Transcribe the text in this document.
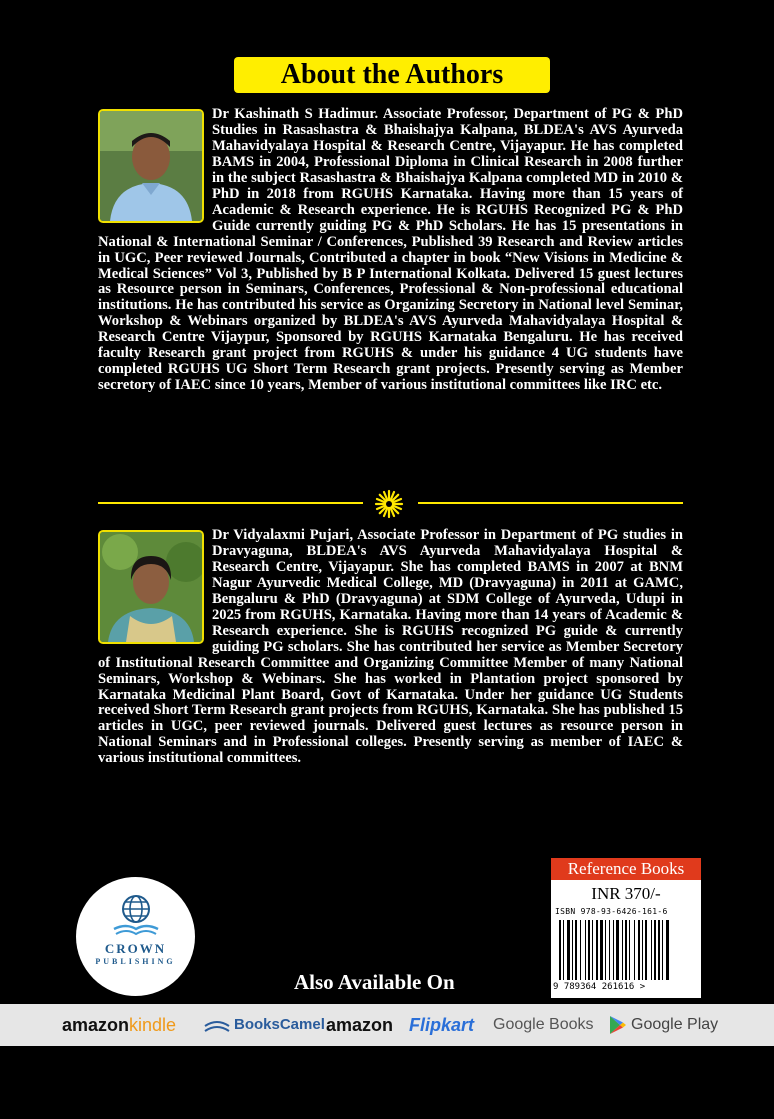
About the Authors

Dr Kashinath S Hadimur. Associate Professor, Department of PG & PhD Studies in Rasashastra & Bhaishajya Kalpana, BLDEA's AVS Ayurveda Mahavidyalaya Hospital & Research Centre, Vijayapur. He has completed BAMS in 2004, Professional Diploma in Clinical Research in 2008 further in the subject Rasashastra & Bhaishajya Kalpana completed MD in 2010 & PhD in 2018 from RGUHS Karnataka. Having more than 15 years of Academic & Research experience. He is RGUHS Recognized PG & PhD Guide currently guiding PG & PhD Scholars. He has 15 presentations in National & International Seminar / Conferences, Published 39 Research and Review articles in UGC, Peer reviewed Journals, Contributed a chapter in book “New Visions in Medicine & Medical Sciences” Vol 3, Published by B P International Kolkata. Delivered 15 guest lectures as Resource person in Seminars, Conferences, Professional & Non-professional educational institutions. He has contributed his service as Organizing Secretory in National level Seminar, Workshop & Webinars organized by BLDEA's AVS Ayurveda Mahavidyalaya Hospital & Research Centre Vijaypur, Sponsored by RGUHS Karnataka Bengaluru. He has received faculty Research grant project from RGUHS & under his guidance 4 UG students have completed RGUHS UG Short Term Research grant projects. Presently serving as Member secretory of IAEC since 10 years, Member of various institutional committees like IRC etc.

Dr Vidyalaxmi Pujari, Associate Professor in Department of PG studies in Dravyaguna, BLDEA's AVS Ayurveda Mahavidyalaya Hospital & Research Centre, Vijayapur. She has completed BAMS in 2007 at BNM Nagur Ayurvedic Medical College, MD (Dravyaguna) in 2011 at GAMC, Bengaluru & PhD (Dravyaguna) at SDM College of Ayurveda, Udupi in 2025 from RGUHS, Karnataka. Having more than 14 years of Academic & Research experience. She is RGUHS recognized PG guide & currently guiding PG scholars. She has contributed her service as Member Secretory of Institutional Research Committee and Organizing Committee Member of many National Seminars, Workshop & Webinars. She has worked in Plantation project sponsored by Karnataka Medicinal Plant Board, Govt of Karnataka. Under her guidance UG Students received Short Term Research grant projects from RGUHS, Karnataka. She has published 15 articles in UGC, peer reviewed journals. Delivered guest lectures as resource person in National Seminars and in Professional colleges. Presently serving as member of IAEC & various institutional committees.

CROWN
PUBLISHING
Reference Books
INR 370/-
ISBN 978-93-6426-161-6
9 789364 261616 >
Also Available On
amazonkindle	BooksCamel amazon Flipkart Google Books	Google Play
